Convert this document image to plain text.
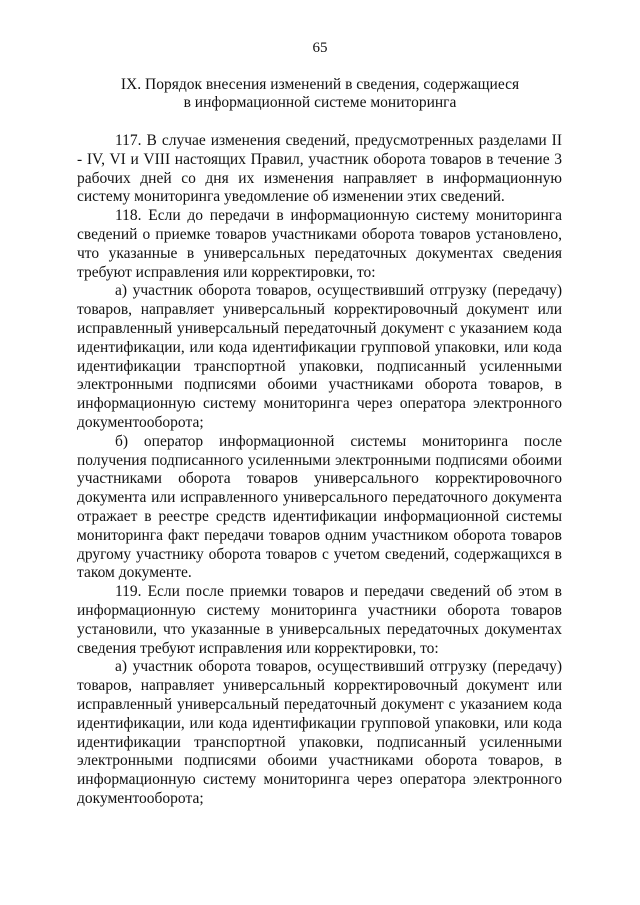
65
IX. Порядок внесения изменений в сведения, содержащиеся
в информационной системе мониторинга

117. В случае изменения сведений, предусмотренных разделами II - IV, VI и VIII настоящих Правил, участник оборота товаров в течение 3 рабочих дней со дня их изменения направляет в информационную систему мониторинга уведомление об изменении этих сведений.

118. Если до передачи в информационную систему мониторинга сведений о приемке товаров участниками оборота товаров установлено, что указанные в универсальных передаточных документах сведения требуют исправления или корректировки, то:

а) участник оборота товаров, осуществивший отгрузку (передачу) товаров, направляет универсальный корректировочный документ или исправленный универсальный передаточный документ с указанием кода идентификации, или кода идентификации групповой упаковки, или кода идентификации транспортной упаковки, подписанный усиленными электронными подписями обоими участниками оборота товаров, в информационную систему мониторинга через оператора электронного документооборота;

б) оператор информационной системы мониторинга после получения подписанного усиленными электронными подписями обоими участниками оборота товаров универсального корректировочного документа или исправленного универсального передаточного документа отражает в реестре средств идентификации информационной системы мониторинга факт передачи товаров одним участником оборота товаров другому участнику оборота товаров с учетом сведений, содержащихся в таком документе.

119. Если после приемки товаров и передачи сведений об этом в информационную систему мониторинга участники оборота товаров установили, что указанные в универсальных передаточных документах сведения требуют исправления или корректировки, то:

а) участник оборота товаров, осуществивший отгрузку (передачу) товаров, направляет универсальный корректировочный документ или исправленный универсальный передаточный документ с указанием кода идентификации, или кода идентификации групповой упаковки, или кода идентификации транспортной упаковки, подписанный усиленными электронными подписями обоими участниками оборота товаров, в информационную систему мониторинга через оператора электронного документооборота;
